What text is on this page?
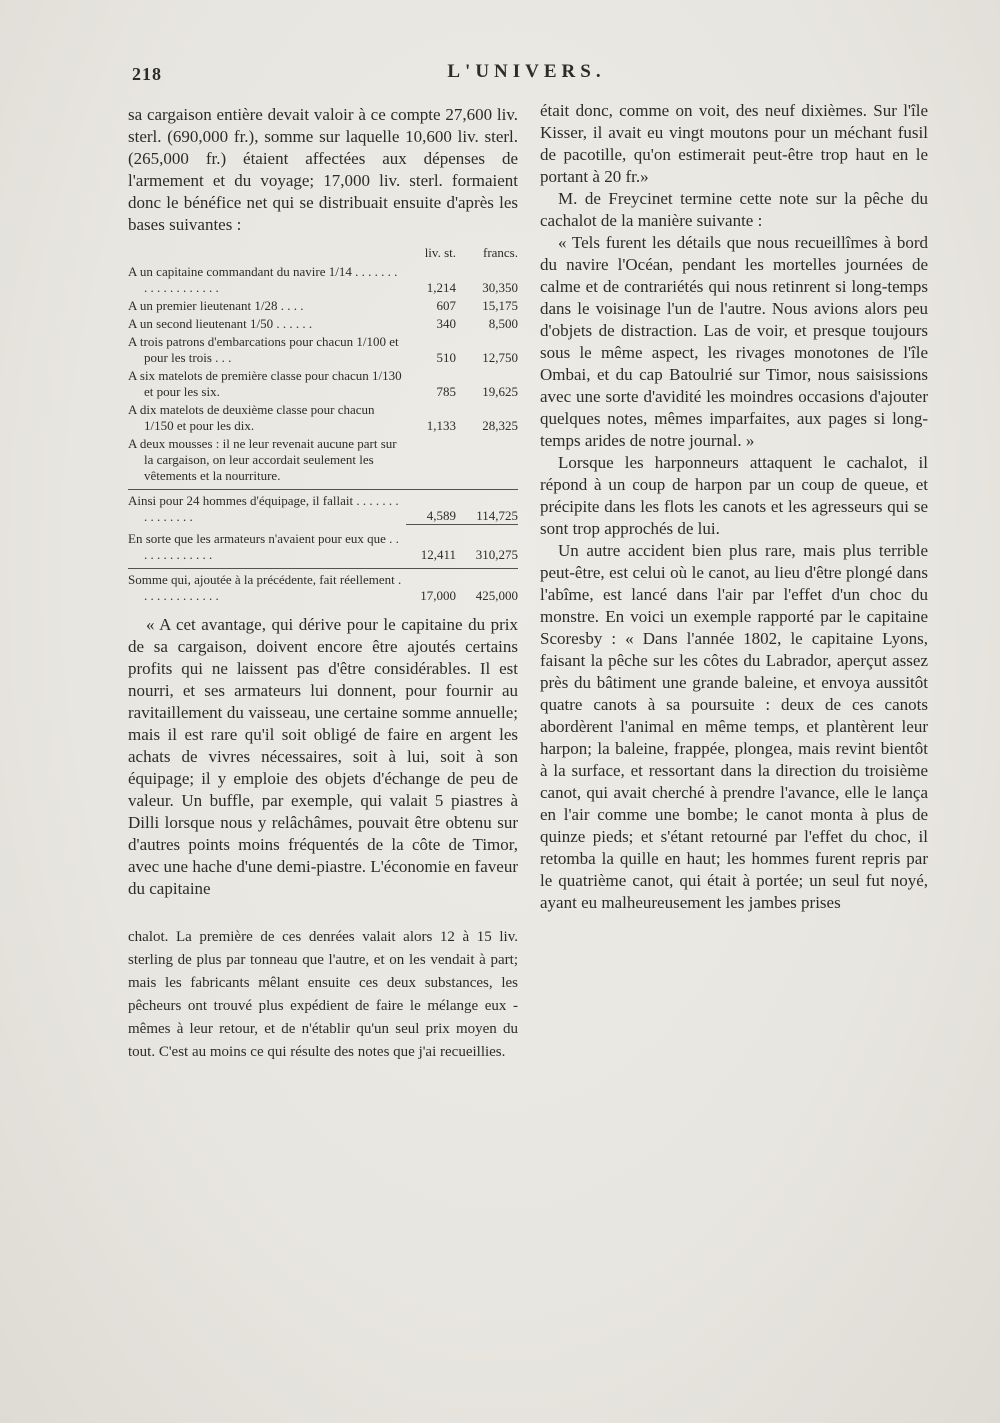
218	L'UNIVERS.

sa cargaison entière devait valoir à ce compte 27,600 liv. sterl. (690,000 fr.), somme sur laquelle 10,600 liv. sterl. (265,000 fr.) étaient affectées aux dépenses de l'armement et du voyage; 17,000 liv. sterl. formaient donc le bénéfice net qui se distribuait ensuite d'après les bases suivantes :

liv. st.	francs.
A un capitaine commandant du navire 1/14 . . . . . . . . . . . . . . . . . . .	1,214	30,350
A un premier lieutenant 1/28 . . . .	607	15,175
A un second lieutenant 1/50 . . . . . .	340	8,500
A trois patrons d'embarcations pour chacun 1/100 et pour les trois . . .	510	12,750
A six matelots de première classe pour chacun 1/130 et pour les six.	785	19,625
A dix matelots de deuxième classe pour chacun 1/150 et pour les dix.	1,133	28,325
A deux mousses : il ne leur revenait aucune part sur la cargaison, on leur accordait seulement les vêtements et la nourriture.
Ainsi pour 24 hommes d'équipage, il fallait . . . . . . . . . . . . . . .	4,589	114,725
En sorte que les armateurs n'avaient pour eux que . . . . . . . . . . . . .	12,411	310,275
Somme qui, ajoutée à la précédente, fait réellement . . . . . . . . . . . . .	17,000	425,000

« A cet avantage, qui dérive pour le capitaine du prix de sa cargaison, doivent encore être ajoutés certains profits qui ne laissent pas d'être considérables. Il est nourri, et ses armateurs lui donnent, pour fournir au ravitaillement du vaisseau, une certaine somme annuelle; mais il est rare qu'il soit obligé de faire en argent les achats de vivres nécessaires, soit à lui, soit à son équipage; il y emploie des objets d'échange de peu de valeur. Un buffle, par exemple, qui valait 5 piastres à Dilli lorsque nous y relâchâmes, pouvait être obtenu sur d'autres points moins fréquentés de la côte de Timor, avec une hache d'une demi-piastre. L'économie en faveur du capitaine

chalot. La première de ces denrées valait alors 12 à 15 liv. sterling de plus par tonneau que l'autre, et on les vendait à part; mais les fabricants mêlant ensuite ces deux substances, les pêcheurs ont trouvé plus expédient de faire le mélange eux - mêmes à leur retour, et de n'établir qu'un seul prix moyen du tout. C'est au moins ce qui résulte des notes que j'ai recueillies.

était donc, comme on voit, des neuf dixièmes. Sur l'île Kisser, il avait eu vingt moutons pour un méchant fusil de pacotille, qu'on estimerait peut-être trop haut en le portant à 20 fr.»

M. de Freycinet termine cette note sur la pêche du cachalot de la manière suivante :

« Tels furent les détails que nous recueillîmes à bord du navire l'Océan, pendant les mortelles journées de calme et de contrariétés qui nous retinrent si long-temps dans le voisinage l'un de l'autre. Nous avions alors peu d'objets de distraction. Las de voir, et presque toujours sous le même aspect, les rivages monotones de l'île Ombai, et du cap Batoulrié sur Timor, nous saisissions avec une sorte d'avidité les moindres occasions d'ajouter quelques notes, mêmes imparfaites, aux pages si long-temps arides de notre journal. »

Lorsque les harponneurs attaquent le cachalot, il répond à un coup de harpon par un coup de queue, et précipite dans les flots les canots et les agresseurs qui se sont trop approchés de lui.

Un autre accident bien plus rare, mais plus terrible peut-être, est celui où le canot, au lieu d'être plongé dans l'abîme, est lancé dans l'air par l'effet d'un choc du monstre. En voici un exemple rapporté par le capitaine Scoresby : « Dans l'année 1802, le capitaine Lyons, faisant la pêche sur les côtes du Labrador, aperçut assez près du bâtiment une grande baleine, et envoya aussitôt quatre canots à sa poursuite : deux de ces canots abordèrent l'animal en même temps, et plantèrent leur harpon; la baleine, frappée, plongea, mais revint bientôt à la surface, et ressortant dans la direction du troisième canot, qui avait cherché à prendre l'avance, elle le lança en l'air comme une bombe; le canot monta à plus de quinze pieds; et s'étant retourné par l'effet du choc, il retomba la quille en haut; les hommes furent repris par le quatrième canot, qui était à portée; un seul fut noyé, ayant eu malheureusement les jambes prises
